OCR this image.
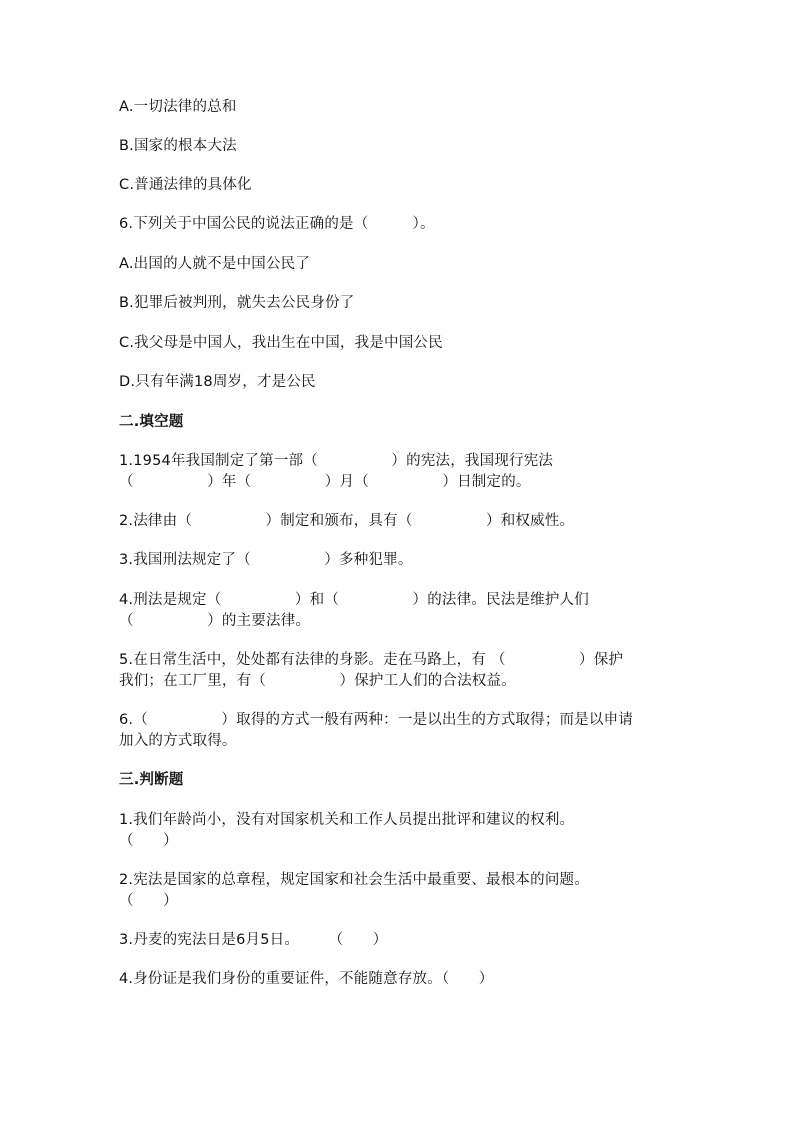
A.一切法律的总和
B.国家的根本大法
C.普通法律的具体化
6.下列关于中国公民的说法正确的是（　　　）。
A.出国的人就不是中国公民了
B.犯罪后被判刑，就失去公民身份了
C.我父母是中国人，我出生在中国，我是中国公民
D.只有年满18周岁，才是公民
二.填空题
1.1954年我国制定了第一部（　　　　　）的宪法，我国现行宪法
（　　　　　）年（　　　　　）月（　　　　　）日制定的。
2.法律由（　　　　　）制定和颁布，具有（　　　　　）和权威性。
3.我国刑法规定了（　　　　　）多种犯罪。
4.刑法是规定（　　　　　）和（　　　　　）的法律。民法是维护人们
（　　　　　）的主要法律。
5.在日常生活中，处处都有法律的身影。走在马路上，有 （　　　　　）保护
我们；在工厂里，有（　　　　　）保护工人们的合法权益。
6.（　　　　　）取得的方式一般有两种：一是以出生的方式取得；而是以申请
加入的方式取得。
三.判断题
1.我们年龄尚小，没有对国家机关和工作人员提出批评和建议的权利。
（　　）
2.宪法是国家的总章程，规定国家和社会生活中最重要、最根本的问题。
（　　）
3.丹麦的宪法日是6月5日。　　　（　　）
4.身份证是我们身份的重要证件，不能随意存放。（　　）
